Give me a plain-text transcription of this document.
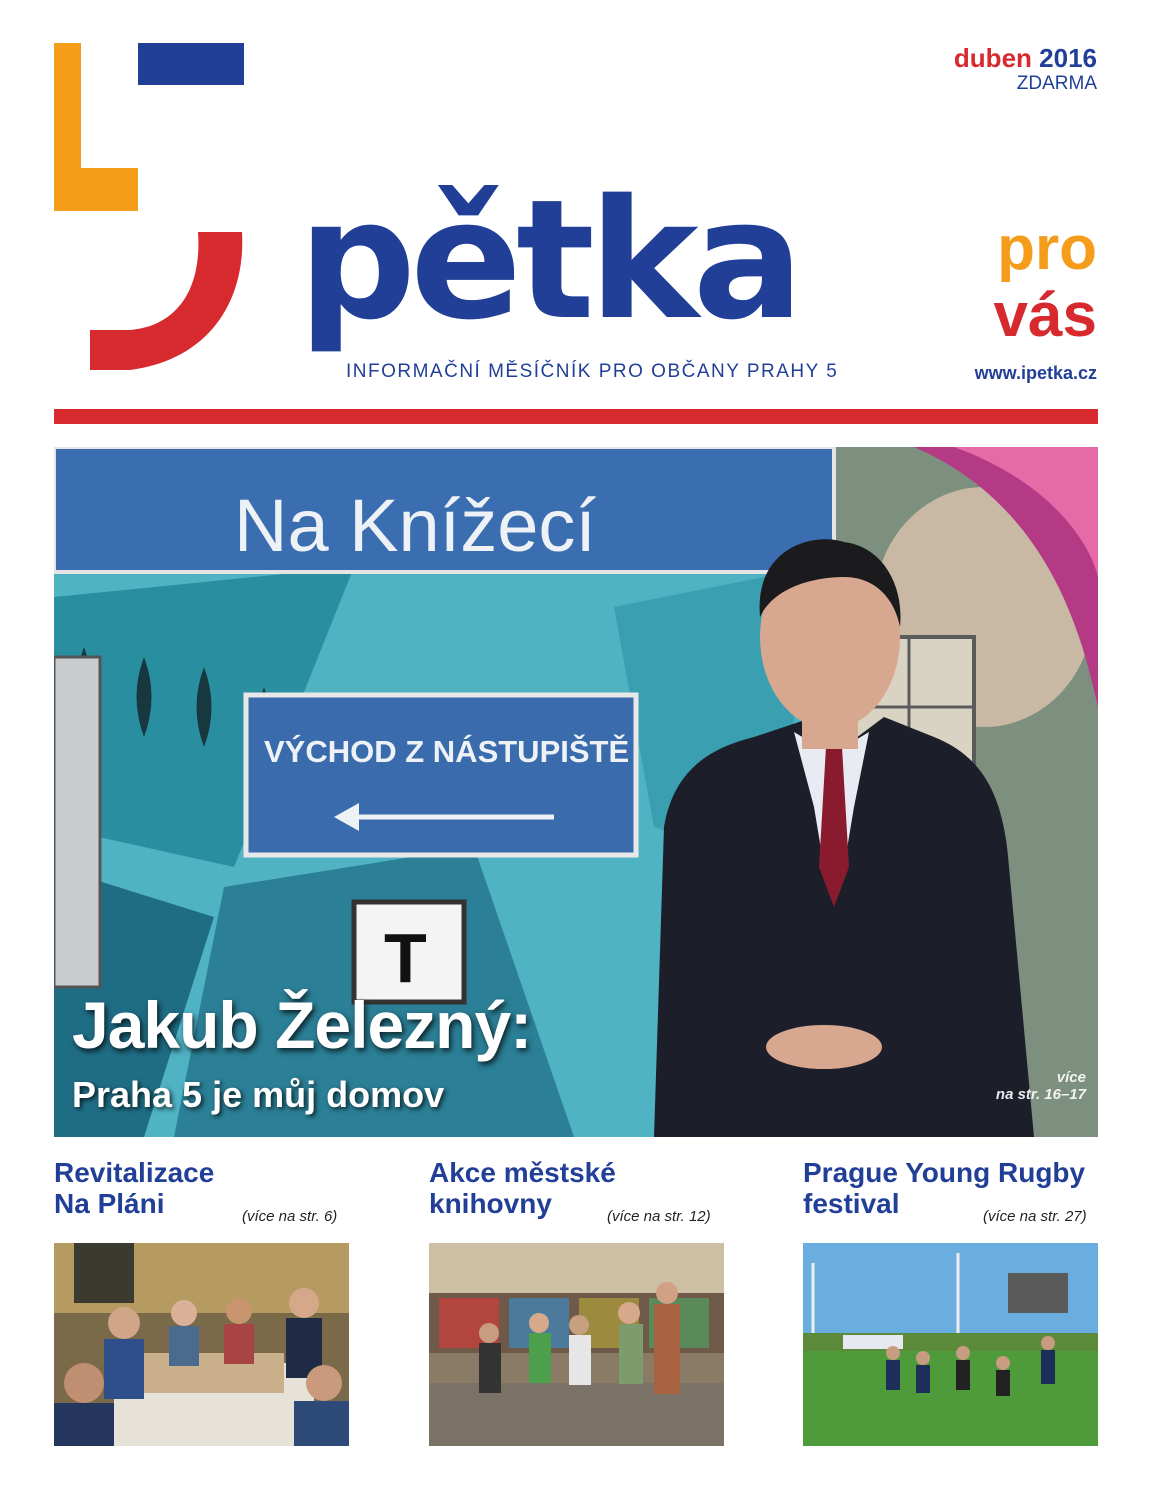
pětka
INFORMAČNÍ MĚSÍČNÍK PRO OBČANY PRAHY 5
duben 2016
ZDARMA
pro
vás
www.ipetka.cz
Na Knížecí
VÝCHOD Z NÁSTUPIŠTĚ
T
Jakub Železný:
Praha 5 je můj domov	více
na str. 16–17
Revitalizace
Na Pláni	(více na str. 6)
Akce městské
knihovny	(více na str. 12)
Prague Young Rugby
festival	(více na str. 27)
